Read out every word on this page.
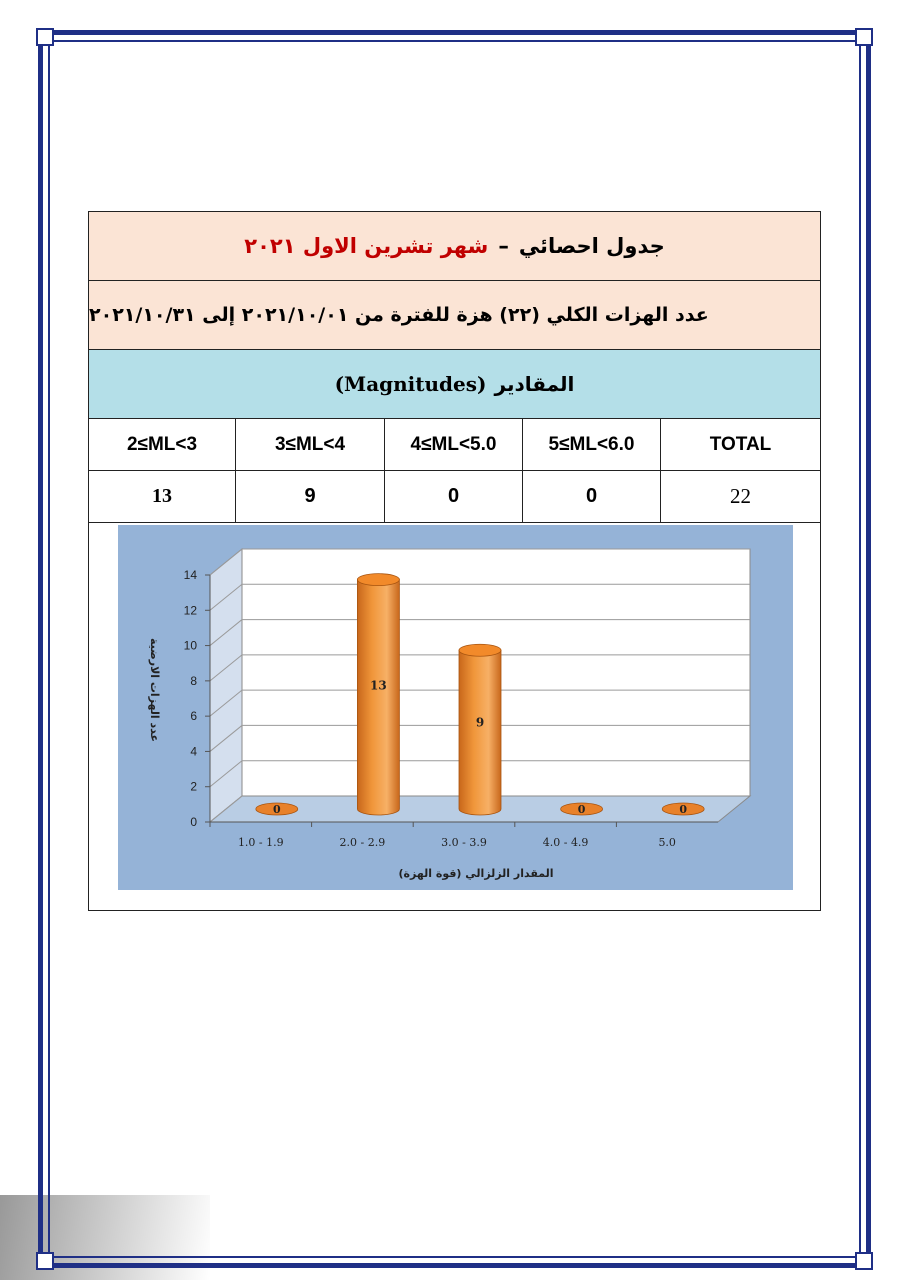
جدول احصائي
–
شهر تشرين الاول ٢٠٢١
عدد الهزات الكلي (٢٢) هزة للفترة من ٢٠٢١/١٠/٠١ إلى ٢٠٢١/١٠/٣١
(Magnitudes) المقادير
2≤ML<3	3≤ML<4	4≤ML<5.0	5≤ML<6.0	TOTAL
13	9	0	0	22
0
2
4
6
8
10
12
14
0
1.0 - 1.9
13
2.0 - 2.9
9
3.0 - 3.9
0
4.0 - 4.9
0
5.0
المقدار الزلزالي (قوة الهزة)
عدد الهزات الارضية
